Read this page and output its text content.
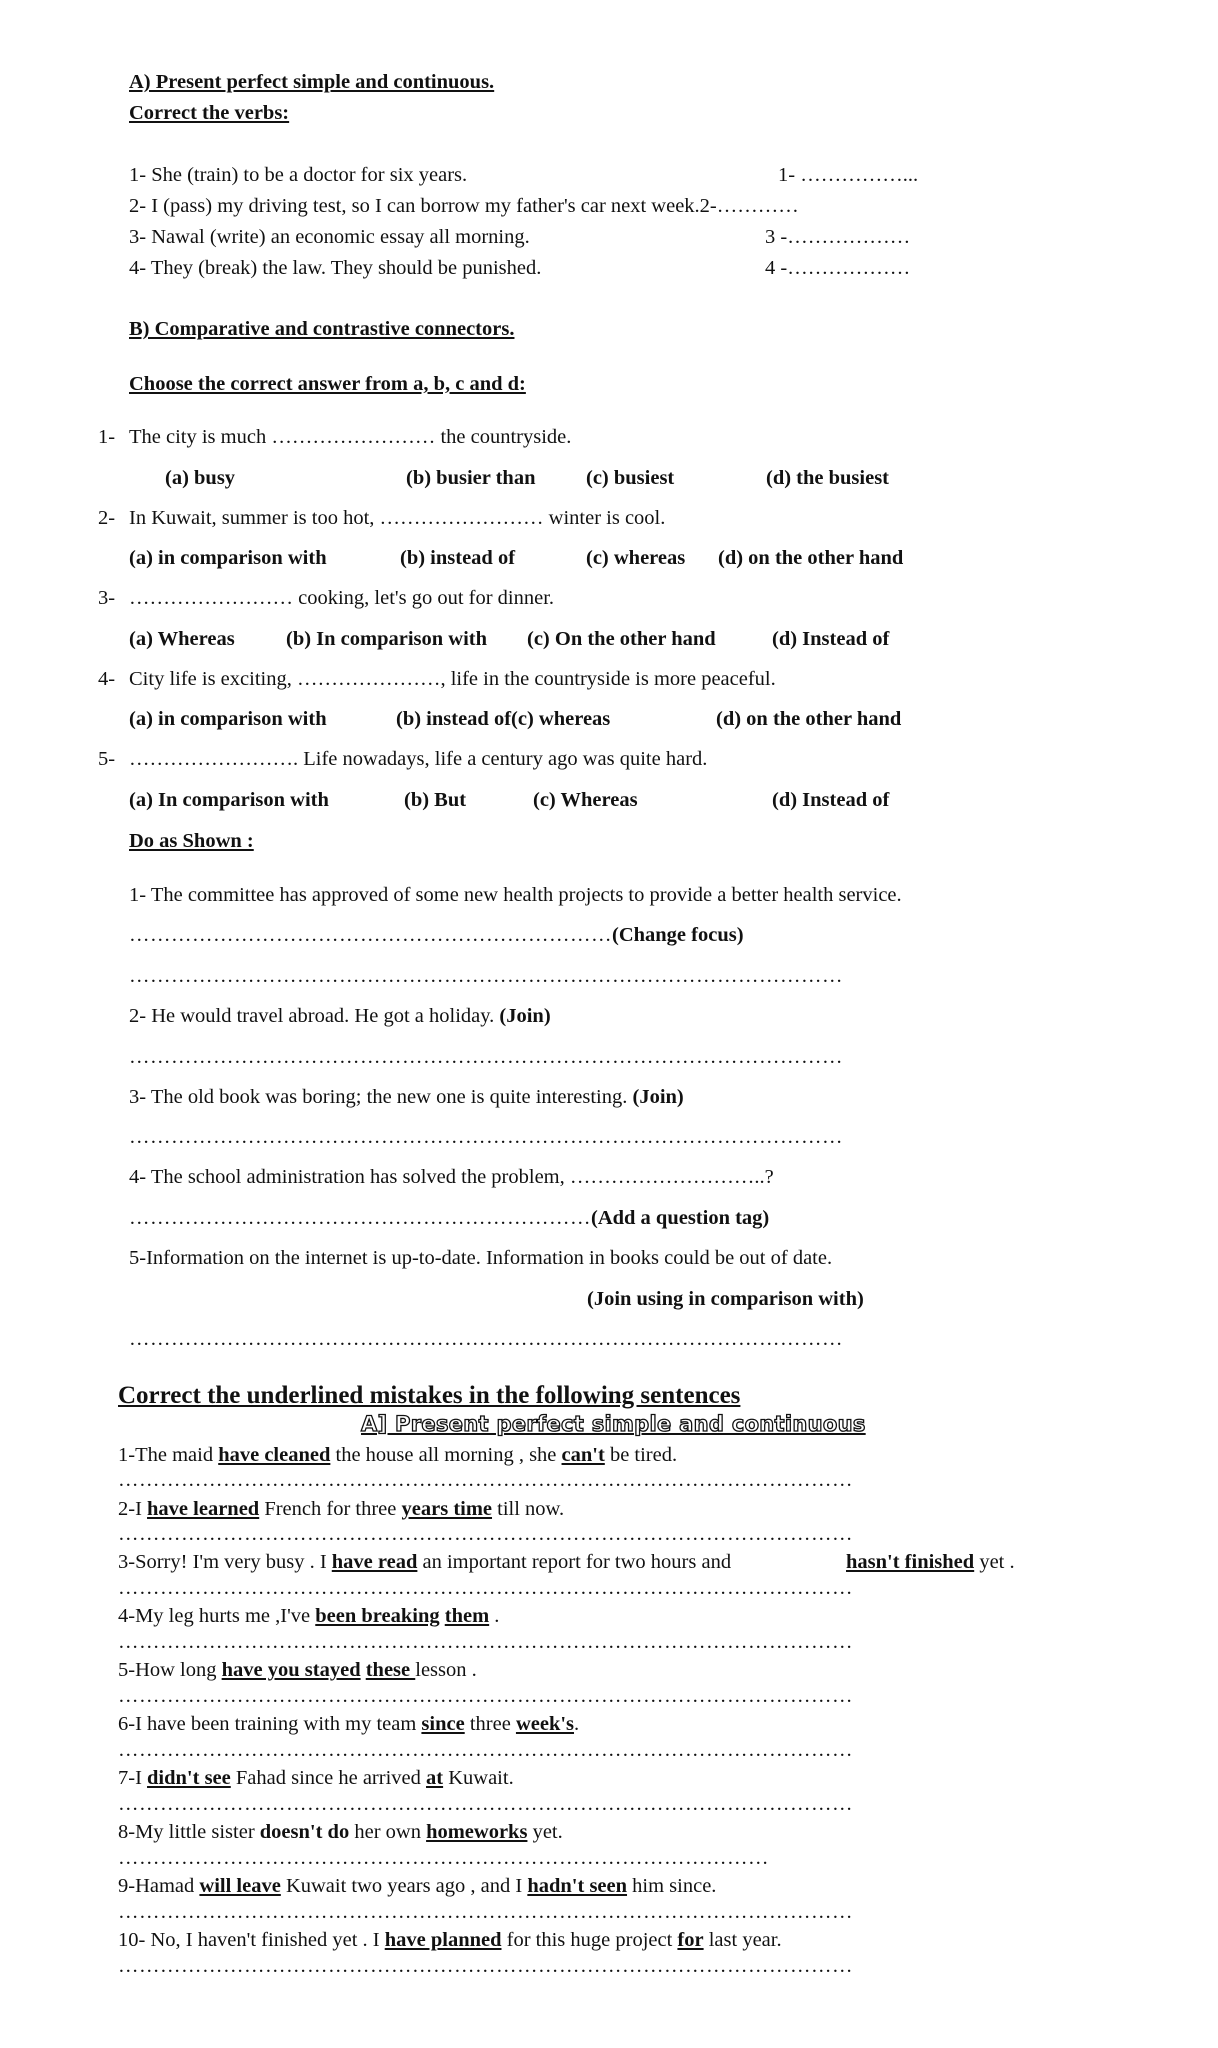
A) Present perfect simple and continuous.
Correct the verbs:
1- She (train) to be a doctor for six years.	1- ……………...
2- I (pass) my driving test, so I can borrow my father's car next week.2-…………
3- Nawal (write) an economic essay all morning.	3 -………………
4- They (break) the law. They should be punished.	4 -………………
B) Comparative and contrastive connectors.
Choose the correct answer from a, b, c and d:
1- The city is much …………………… the countryside.
(a) busy	(b) busier than (c) busiest	(d) the busiest
2- In Kuwait, summer is too hot, …………………… winter is cool.
(a) in comparison with	(b) instead of	(c) whereas (d) on the other hand
3- …………………… cooking, let's go out for dinner.
(a) Whereas	(b) In comparison with (c) On the other hand	(d) Instead of
4- City life is exciting, …………………, life in the countryside is more peaceful.
(a) in comparison with	(b) instead of(c) whereas	(d) on the other hand
5- ……………………. Life nowadays, life a century ago was quite hard.
(a) In comparison with	(b) But	(c) Whereas	(d) Instead of
Do as Shown :
1- The committee has approved of some new health projects to provide a better health service.
……………………………………………………………(Change focus)
…………………………………………………………………………………………
2- He would travel abroad. He got a holiday. (Join)
…………………………………………………………………………………………
3- The old book was boring; the new one is quite interesting. (Join)
…………………………………………………………………………………………
4- The school administration has solved the problem, ………………………..?
…………………………………………………………(Add a question tag)
5-Information on the internet is up-to-date. Information in books could be out of date.
(Join using in comparison with)
…………………………………………………………………………………………
Correct the underlined mistakes in the following sentences
A] Present perfect simple and continuous
1-The maid have cleaned the house all morning , she can't be tired.
……………………………………………………………………………………………
2-I have learned French for three years time till now.
……………………………………………………………………………………………
3-Sorry! I'm very busy . I have read an important report for two hours and	hasn't finished yet .
……………………………………………………………………………………………
4-My leg hurts me ,I've been breaking them .
……………………………………………………………………………………………
5-How long have you stayed these lesson .
……………………………………………………………………………………………
6-I have been training with my team since three week's.
……………………………………………………………………………………………
7-I didn't see Fahad since he arrived at Kuwait.
……………………………………………………………………………………………
8-My little sister doesn't do her own homeworks yet.
…………………………………………………………………………………
9-Hamad will leave Kuwait two years ago , and I hadn't seen him since.
……………………………………………………………………………………………
10- No, I haven't finished yet . I have planned for this huge project for last year.
……………………………………………………………………………………………
